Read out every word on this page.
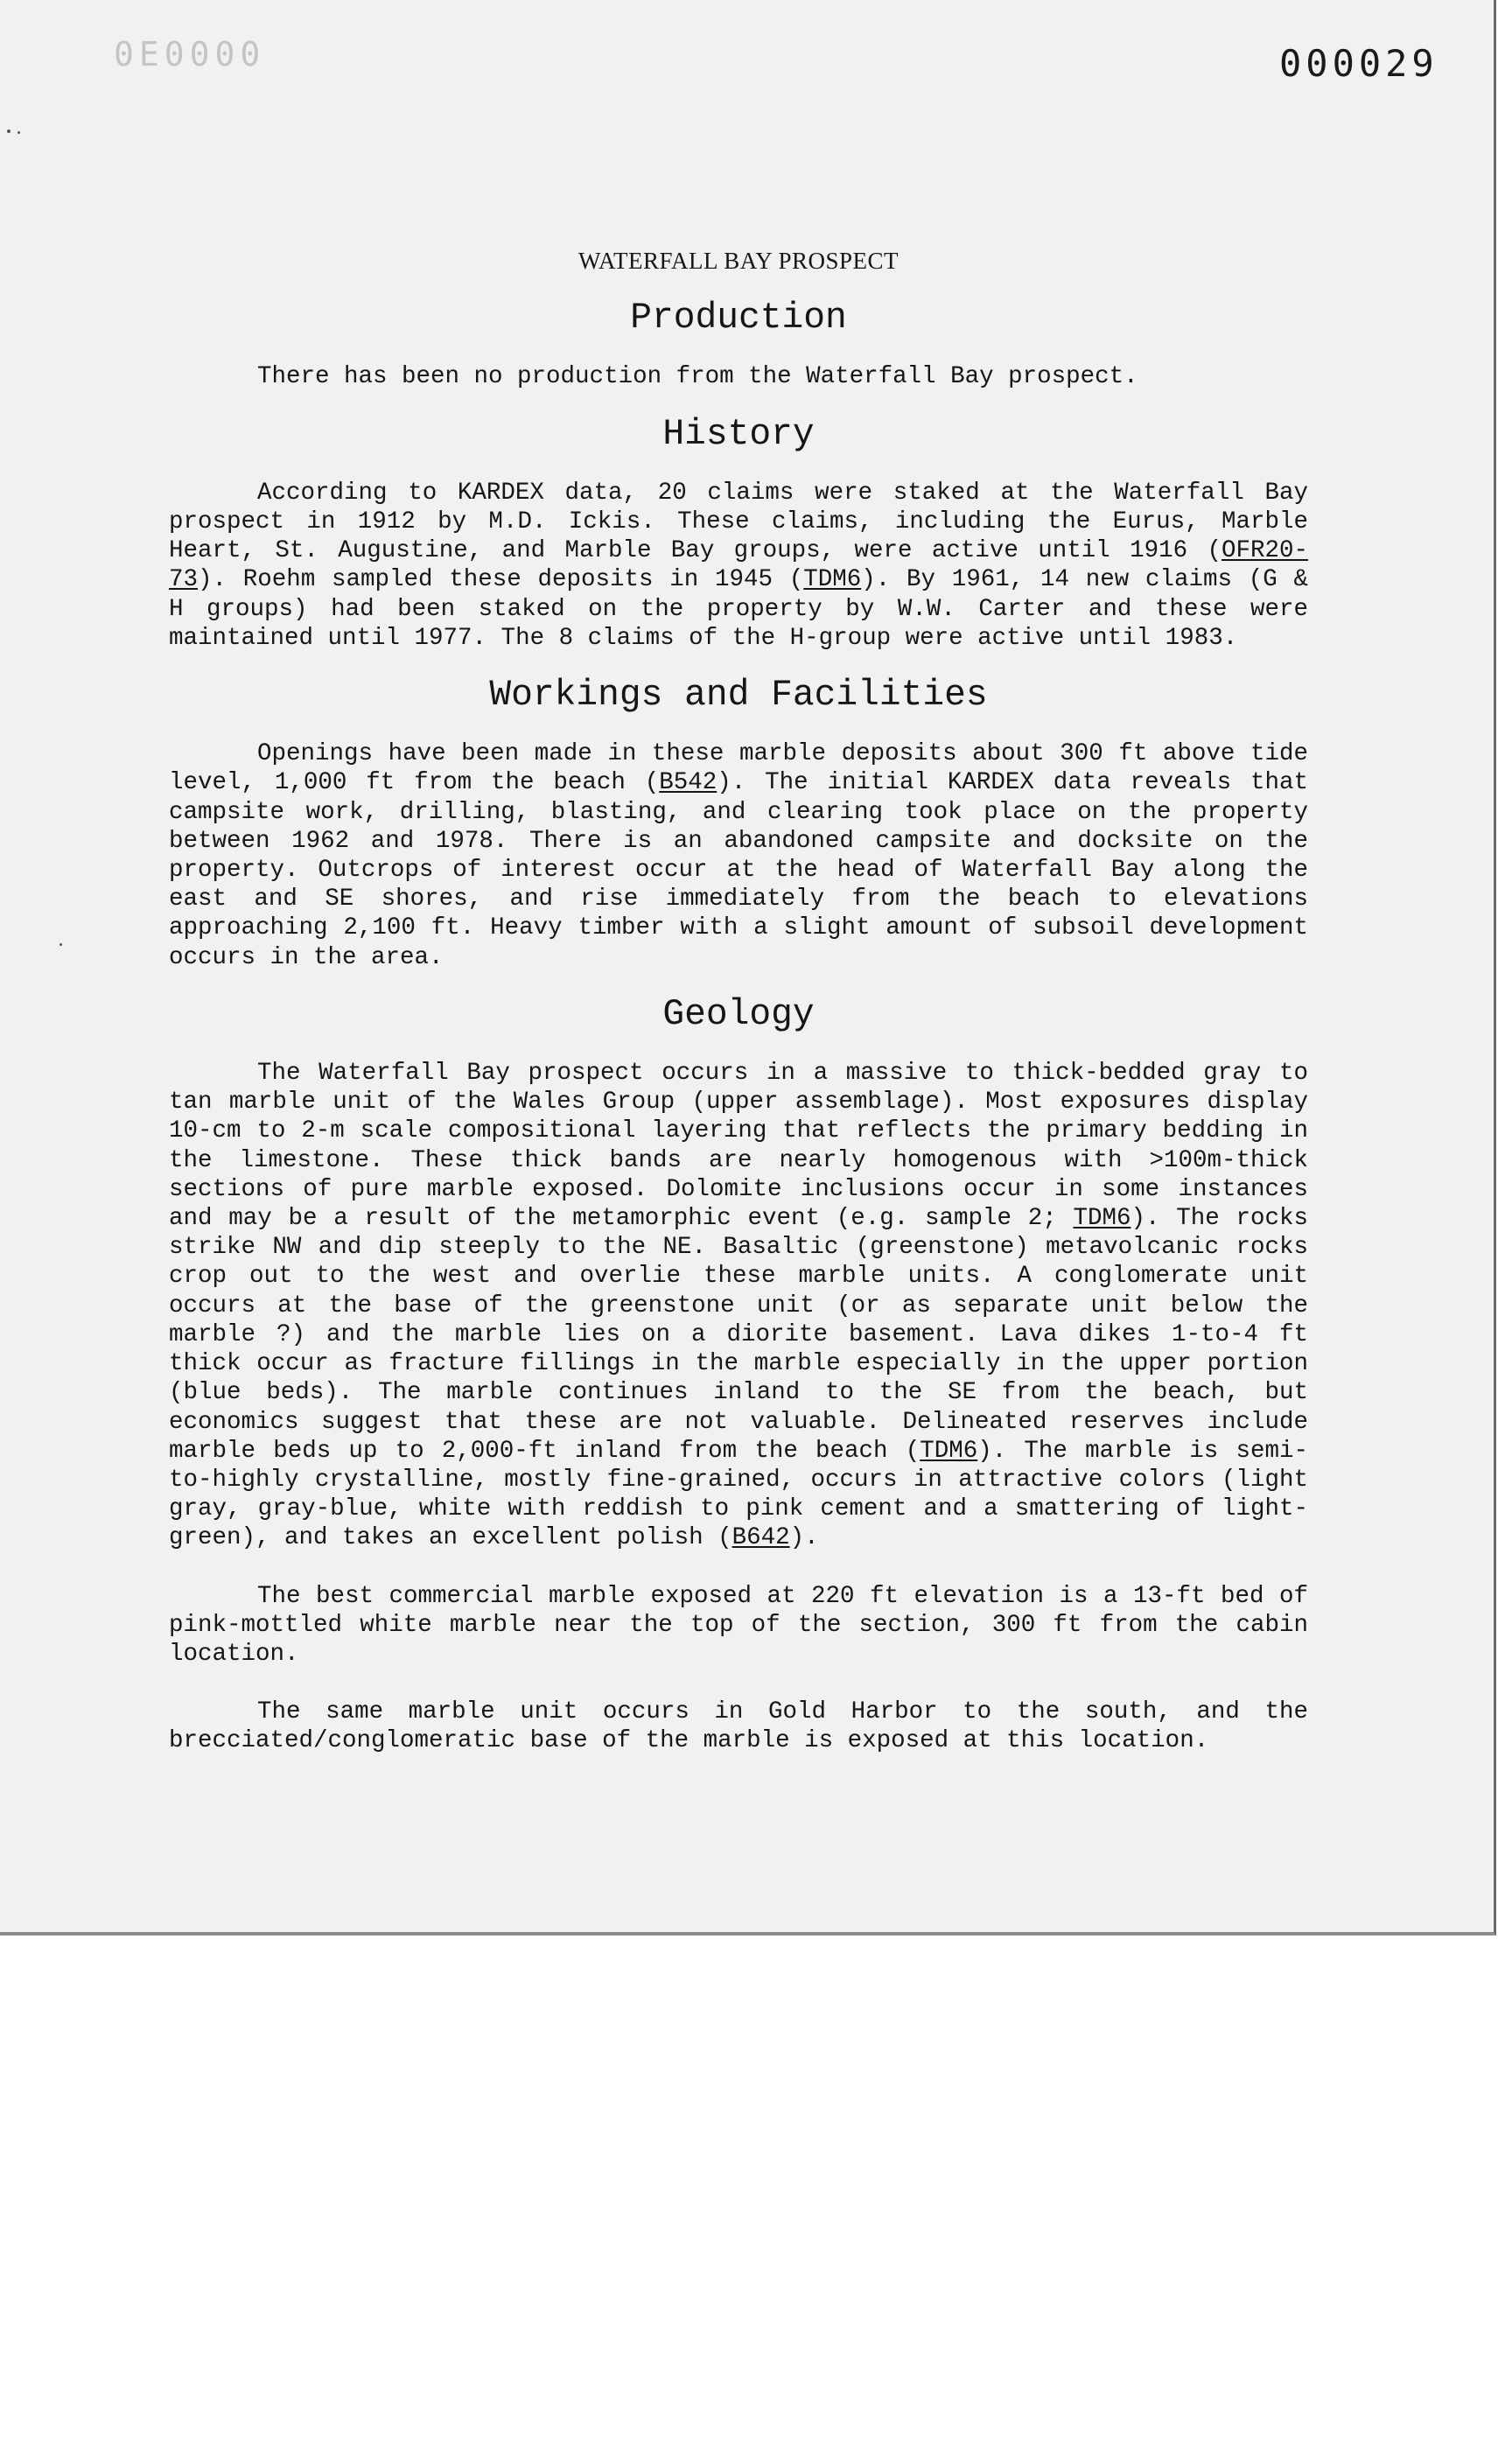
0E0000	000029
WATERFALL BAY PROSPECT
Production

There has been no production from the Waterfall Bay prospect.

History

According to KARDEX data, 20 claims were staked at the Waterfall Bay prospect in 1912 by M.D. Ickis. These claims, including the Eurus, Marble Heart, St. Augustine, and Marble Bay groups, were active until 1916 (OFR20-73). Roehm sampled these deposits in 1945 (TDM6). By 1961, 14 new claims (G & H groups) had been staked on the property by W.W. Carter and these were maintained until 1977. The 8 claims of the H-group were active until 1983.

Workings and Facilities

Openings have been made in these marble deposits about 300 ft above tide level, 1,000 ft from the beach (B542). The initial KARDEX data reveals that campsite work, drilling, blasting, and clearing took place on the property between 1962 and 1978. There is an abandoned campsite and docksite on the property. Outcrops of interest occur at the head of Waterfall Bay along the east and SE shores, and rise immediately from the beach to elevations approaching 2,100 ft. Heavy timber with a slight amount of subsoil development occurs in the area.

Geology

The Waterfall Bay prospect occurs in a massive to thick-bedded gray to tan marble unit of the Wales Group (upper assemblage). Most exposures display 10-cm to 2-m scale compositional layering that reflects the primary bedding in the limestone. These thick bands are nearly homogenous with >100m-thick sections of pure marble exposed. Dolomite inclusions occur in some instances and may be a result of the metamorphic event (e.g. sample 2; TDM6). The rocks strike NW and dip steeply to the NE. Basaltic (greenstone) metavolcanic rocks crop out to the west and overlie these marble units. A conglomerate unit occurs at the base of the greenstone unit (or as separate unit below the marble ?) and the marble lies on a diorite basement. Lava dikes 1-to-4 ft thick occur as fracture fillings in the marble especially in the upper portion (blue beds). The marble continues inland to the SE from the beach, but economics suggest that these are not valuable. Delineated reserves include marble beds up to 2,000-ft inland from the beach (TDM6). The marble is semi-to-highly crystalline, mostly fine-grained, occurs in attractive colors (light gray, gray-blue, white with reddish to pink cement and a smattering of light-green), and takes an excellent polish (B642).

The best commercial marble exposed at 220 ft elevation is a 13-ft bed of pink-mottled white marble near the top of the section, 300 ft from the cabin location.

The same marble unit occurs in Gold Harbor to the south, and the brecciated/conglomeratic base of the marble is exposed at this location.
